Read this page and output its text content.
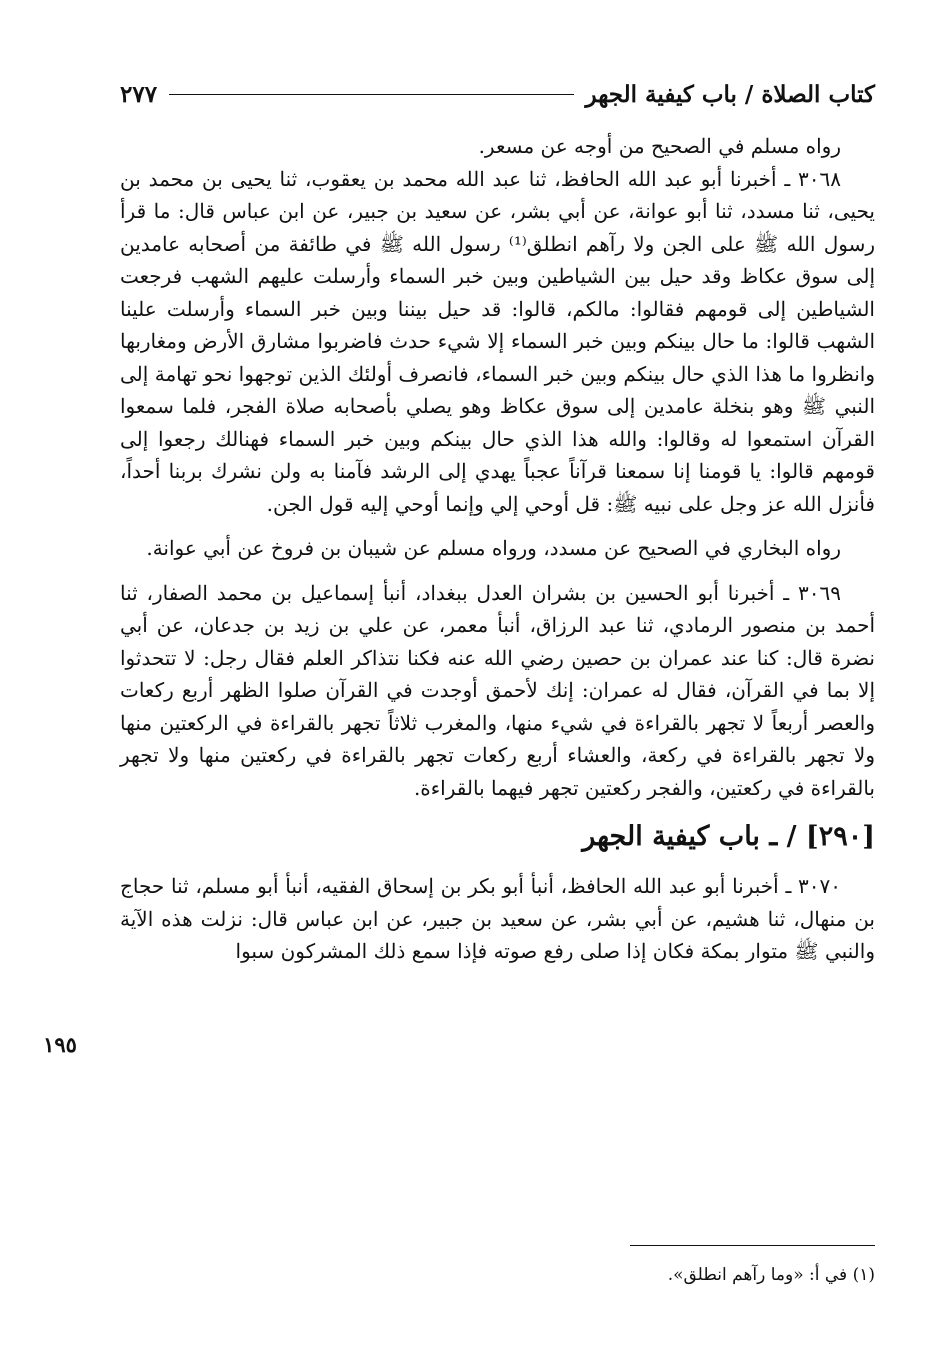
كتاب الصلاة / باب كيفية الجهر
٢٧٧
١٩٥

رواه مسلم في الصحيح من أوجه عن مسعر.

٣٠٦٨ ـ أخبرنا أبو عبد الله الحافظ، ثنا عبد الله محمد بن يعقوب، ثنا يحيى بن محمد بن يحيى، ثنا مسدد، ثنا أبو عوانة، عن أبي بشر، عن سعيد بن جبير، عن ابن عباس قال: ما قرأ رسول الله ﷺ على الجن ولا رآهم انطلق⁽¹⁾ رسول الله ﷺ في طائفة من أصحابه عامدين إلى سوق عكاظ وقد حيل بين الشياطين وبين خبر السماء وأرسلت عليهم الشهب فرجعت الشياطين إلى قومهم فقالوا: مالكم، قالوا: قد حيل بيننا وبين خبر السماء وأرسلت علينا الشهب قالوا: ما حال بينكم وبين خبر السماء إلا شيء حدث فاضربوا مشارق الأرض ومغاربها وانظروا ما هذا الذي حال بينكم وبين خبر السماء، فانصرف أولئك الذين توجهوا نحو تهامة إلى النبي ﷺ وهو بنخلة عامدين إلى سوق عكاظ وهو يصلي بأصحابه صلاة الفجر، فلما سمعوا القرآن استمعوا له وقالوا: والله هذا الذي حال بينكم وبين خبر السماء فهنالك رجعوا إلى قومهم قالوا: يا قومنا إنا سمعنا قرآناً عجباً يهدي إلى الرشد فآمنا به ولن نشرك بربنا أحداً، فأنزل الله عز وجل على نبيه ﷺ: قل أوحي إلي وإنما أوحي إليه قول الجن.

رواه البخاري في الصحيح عن مسدد، ورواه مسلم عن شيبان بن فروخ عن أبي عوانة.

٣٠٦٩ ـ أخبرنا أبو الحسين بن بشران العدل ببغداد، أنبأ إسماعيل بن محمد الصفار، ثنا أحمد بن منصور الرمادي، ثنا عبد الرزاق، أنبأ معمر، عن علي بن زيد بن جدعان، عن أبي نضرة قال: كنا عند عمران بن حصين رضي الله عنه فكنا نتذاكر العلم فقال رجل: لا تتحدثوا إلا بما في القرآن، فقال له عمران: إنك لأحمق أوجدت في القرآن صلوا الظهر أربع ركعات والعصر أربعاً لا تجهر بالقراءة في شيء منها، والمغرب ثلاثاً تجهر بالقراءة في الركعتين منها ولا تجهر بالقراءة في ركعة، والعشاء أربع ركعات تجهر بالقراءة في ركعتين منها ولا تجهر بالقراءة في ركعتين، والفجر ركعتين تجهر فيهما بالقراءة.

[٢٩٠] / ـ باب كيفية الجهر

٣٠٧٠ ـ أخبرنا أبو عبد الله الحافظ، أنبأ أبو بكر بن إسحاق الفقيه، أنبأ أبو مسلم، ثنا حجاج بن منهال، ثنا هشيم، عن أبي بشر، عن سعيد بن جبير، عن ابن عباس قال: نزلت هذه الآية والنبي ﷺ متوار بمكة فكان إذا صلى رفع صوته فإذا سمع ذلك المشركون سبوا

(١) في أ: «وما رآهم انطلق».
